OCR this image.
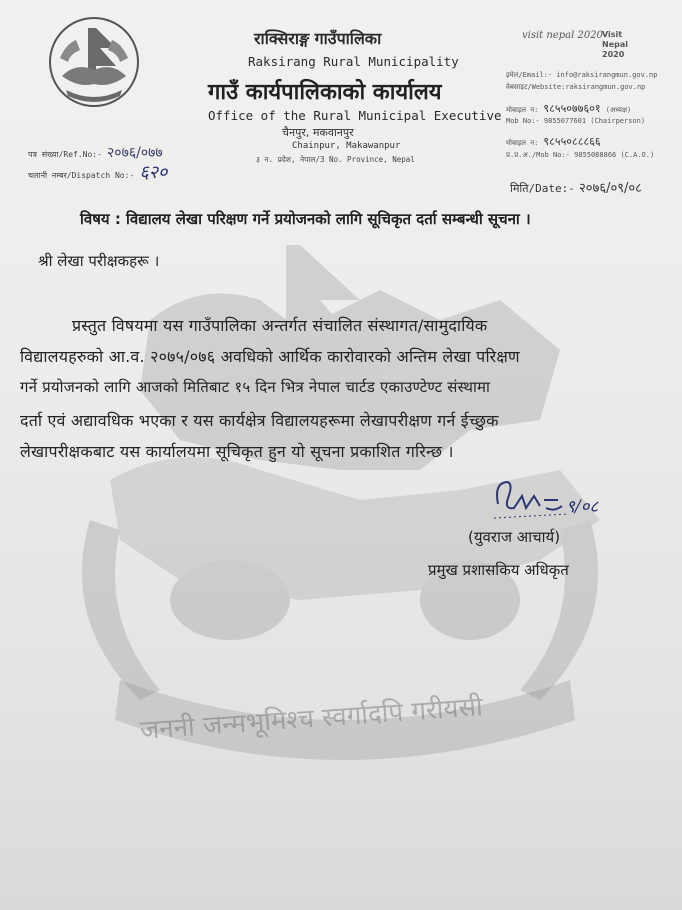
जननी जन्मभूमिश्च स्वर्गादपि गरीयसी
राक्सिराङ्ग गाउँपालिका
Raksirang Rural Municipality
गाउँ कार्यपालिकाको कार्यालय
Office of the Rural Municipal Executive
चैनपुर, मकवानपुर
Chainpur, Makawanpur
३ न. प्रदेश, नेपाल/3 No. Province, Nepal
पत्र संख्या/Ref.No:- २०७६/०७७
चलानी नम्बर/Dispatch No:- ६२०
visit nepal 2020 Visit Nepal 2020
इमेल/Email:- info@raksirangmun.gov.np
वेबसाइट/Website:raksirangmun.gov.np
मोबाइल न: ९८५५०७७६०१ (अध्यक्ष)
Mob No:- 9855077601 (Chairperson)
मोबाइल न: ९८५५०८८८६६
प्र.प्र.अ./Mob No:- 9855088866 (C.A.O.)
मिति/Date:- २०७६/०९/०८
विषय : विद्यालय लेखा परिक्षण गर्ने प्रयोजनको लागि सूचिकृत दर्ता सम्बन्धी सूचना ।
श्री लेखा परीक्षकहरू ।
प्रस्तुत विषयमा यस गाउँपालिका अन्तर्गत संचालित संस्थागत/सामुदायिक
विद्यालयहरुको आ.व. २०७५/०७६ अवधिको आर्थिक कारोवारको अन्तिम लेखा परिक्षण
गर्ने प्रयोजनको लागि आजको मितिबाट १५ दिन भित्र नेपाल चार्टड एकाउण्टेण्ट संस्थामा
दर्ता एवं अद्यावधिक भएका र यस कार्यक्षेत्र विद्यालयहरूमा लेखापरीक्षण गर्न ईच्छुक
लेखापरीक्षकबाट यस कार्यालयमा सूचिकृत हुन यो सूचना प्रकाशित गरिन्छ ।
९/०८
(युवराज आचार्य)
प्रमुख प्रशासकिय अधिकृत
